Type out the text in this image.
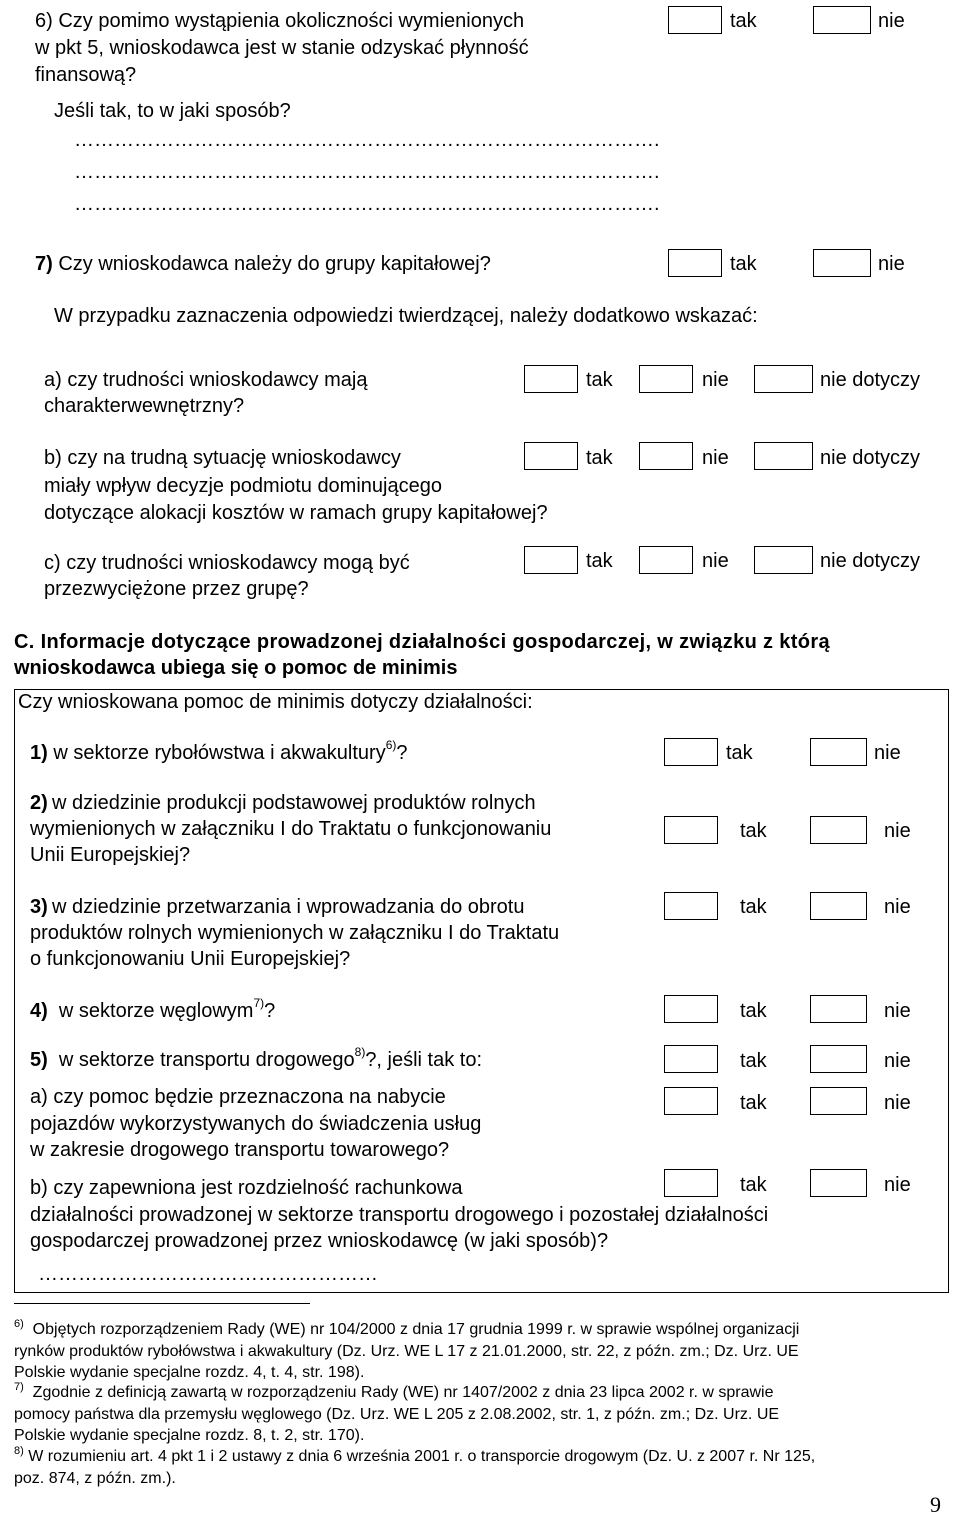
6) Czy pomimo wystąpienia okoliczności wymienionych
w pkt 5, wnioskodawca jest w stanie odzyskać płynność
finansową?
tak	nie
Jeśli tak, to w jaki sposób?
…………………………………………………………………………….
…………………………………………………………………………….
…………………………………………………………………………….
7) Czy wnioskodawca należy do grupy kapitałowej?	tak	nie
W przypadku zaznaczenia odpowiedzi twierdzącej, należy dodatkowo wskazać:
a) czy trudności wnioskodawcy mają
charakterwewnętrzny?
tak	nie	nie dotyczy
b) czy na trudną sytuację wnioskodawcy
miały wpływ decyzje podmiotu dominującego
dotyczące alokacji kosztów w ramach grupy kapitałowej?
tak	nie	nie dotyczy
c) czy trudności wnioskodawcy mogą być
przezwyciężone przez grupę?
tak	nie	nie dotyczy
C. Informacje dotyczące prowadzonej działalności gospodarczej, w związku z którą
wnioskodawca ubiega się o pomoc de minimis
Czy wnioskowana pomoc de minimis dotyczy działalności:
1) w sektorze rybołówstwa i akwakultury$^{6)}$?	tak	nie
2) w dziedzinie produkcji podstawowej produktów rolnych
wymienionych w załączniku I do Traktatu o funkcjonowaniu
Unii Europejskiej?
tak	nie
3) w dziedzinie przetwarzania i wprowadzania do obrotu
produktów rolnych wymienionych w załączniku I do Traktatu
o funkcjonowaniu Unii Europejskiej?
tak	nie
4) w sektorze węglowym$^{7)}$?	tak	nie
5) w sektorze transportu drogowego$^{8)}$?, jeśli tak to:	tak	nie
a) czy pomoc będzie przeznaczona na nabycie
pojazdów wykorzystywanych do świadczenia usług
w zakresie drogowego transportu towarowego?
tak	nie
b) czy zapewniona jest rozdzielność rachunkowa
działalności prowadzonej w sektorze transportu drogowego i pozostałej działalności
gospodarczej prowadzonej przez wnioskodawcę (w jaki sposób)?
tak	nie
……………………………………………
$^{6)}$ Objętych rozporządzeniem Rady (WE) nr 104/2000 z dnia 17 grudnia 1999 r. w sprawie wspólnej organizacji
rynków produktów rybołówstwa i akwakultury (Dz. Urz. WE L 17 z 21.01.2000, str. 22, z późn. zm.; Dz. Urz. UE
Polskie wydanie specjalne rozdz. 4, t. 4, str. 198).
$^{7)}$ Zgodnie z definicją zawartą w rozporządzeniu Rady (WE) nr 1407/2002 z dnia 23 lipca 2002 r. w sprawie
pomocy państwa dla przemysłu węglowego (Dz. Urz. WE L 205 z 2.08.2002, str. 1, z późn. zm.; Dz. Urz. UE
Polskie wydanie specjalne rozdz. 8, t. 2, str. 170).
$^{8)}$ W rozumieniu art. 4 pkt 1 i 2 ustawy z dnia 6 września 2001 r. o transporcie drogowym (Dz. U. z 2007 r. Nr 125,
poz. 874, z późn. zm.).
9
